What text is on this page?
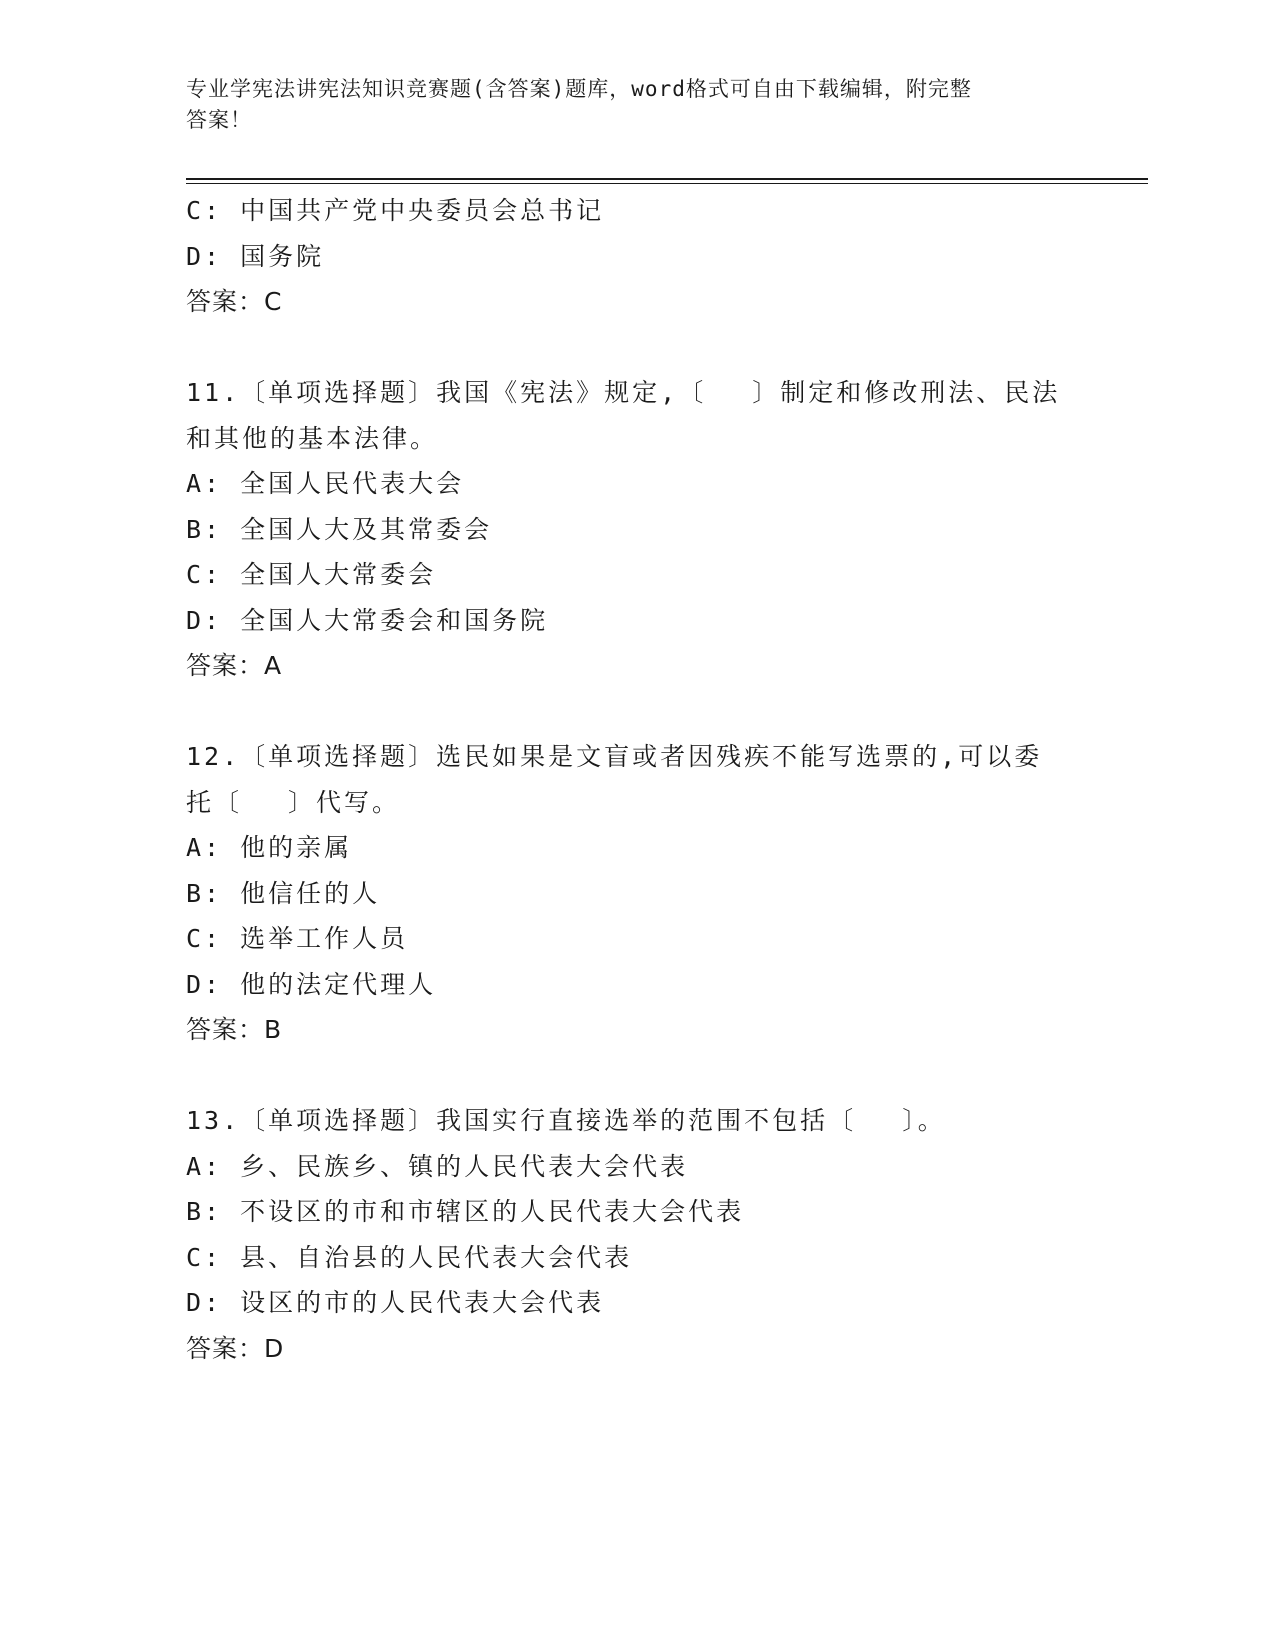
专业学宪法讲宪法知识竞赛题(含答案)题库，word格式可自由下载编辑，附完整
答案！
C: 中国共产党中央委员会总书记
D: 国务院
答案：C
11.〔单项选择题〕我国《宪法》规定,〔　 〕制定和修改刑法、民法
和其他的基本法律。
A: 全国人民代表大会
B: 全国人大及其常委会
C: 全国人大常委会
D: 全国人大常委会和国务院
答案：A
12.〔单项选择题〕选民如果是文盲或者因残疾不能写选票的,可以委
托〔　 〕代写。
A: 他的亲属
B: 他信任的人
C: 选举工作人员
D: 他的法定代理人
答案：B
13.〔单项选择题〕我国实行直接选举的范围不包括〔　 〕。
A: 乡、民族乡、镇的人民代表大会代表
B: 不设区的市和市辖区的人民代表大会代表
C: 县、自治县的人民代表大会代表
D: 设区的市的人民代表大会代表
答案：D
